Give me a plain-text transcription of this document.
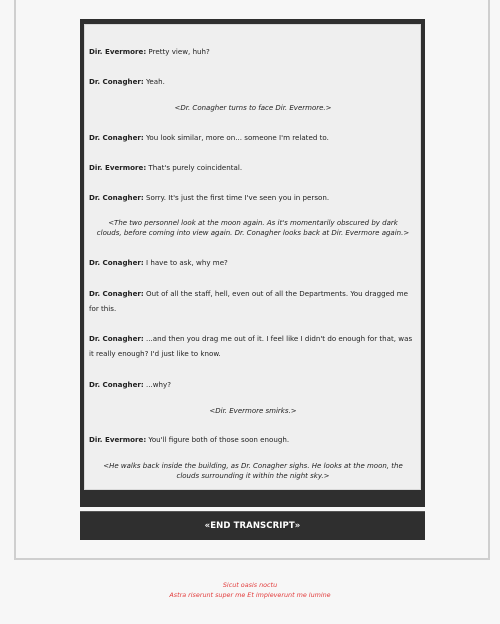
Dir. Evermore: Pretty view, huh?
Dr. Conagher: Yeah.
<Dr. Conagher turns to face Dir. Evermore.>
Dr. Conagher: You look similar, more on... someone I'm related to.
Dir. Evermore: That's purely coincidental.
Dr. Conagher: Sorry. It's just the first time I've seen you in person.
<The two personnel look at the moon again. As it's momentarily obscured by dark clouds, before coming into view again. Dr. Conagher looks back at Dir. Evermore again.>
Dr. Conagher: I have to ask, why me?
Dr. Conagher: Out of all the staff, hell, even out of all the Departments. You dragged me for this.
Dr. Conagher: ...and then you drag me out of it. I feel like I didn't do enough for that, was it really enough? I'd just like to know.
Dr. Conagher: ...why?
<Dir. Evermore smirks.>
Dir. Evermore: You'll figure both of those soon enough.
<He walks back inside the building, as Dr. Conagher sighs. He looks at the moon, the clouds surrounding it within the night sky.>
«END TRANSCRIPT»
Sicut oasis noctu
Astra riserunt super me Et impleverunt me lumine
